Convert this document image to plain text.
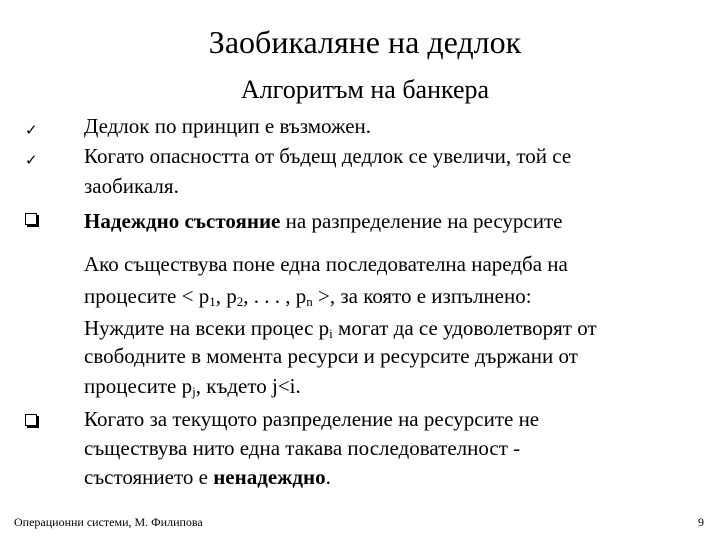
Заобикаляне на дедлок
Алгоритъм на банкера
✓ Дедлок по принцип е възможен.
✓ Когато опасността от бъдещ дедлок се увеличи, той се
заобикаля.
Надеждно състояние на разпределение на ресурсите
Ако съществува поне една последователна наредба на
процесите < $p_1$, $p_2$, . . . , $p_n$ >, за която е изпълнено:
Нуждите на всеки процес $p_i$ могат да се удоволетворят от
свободните в момента ресурси и ресурсите държани от
процесите $p_j$, където j<i.
Когато за текущото разпределение на ресурсите не
съществува нито една такава последователност -
състоянието е ненадеждно.
Операционни системи, М. Филипова	9
